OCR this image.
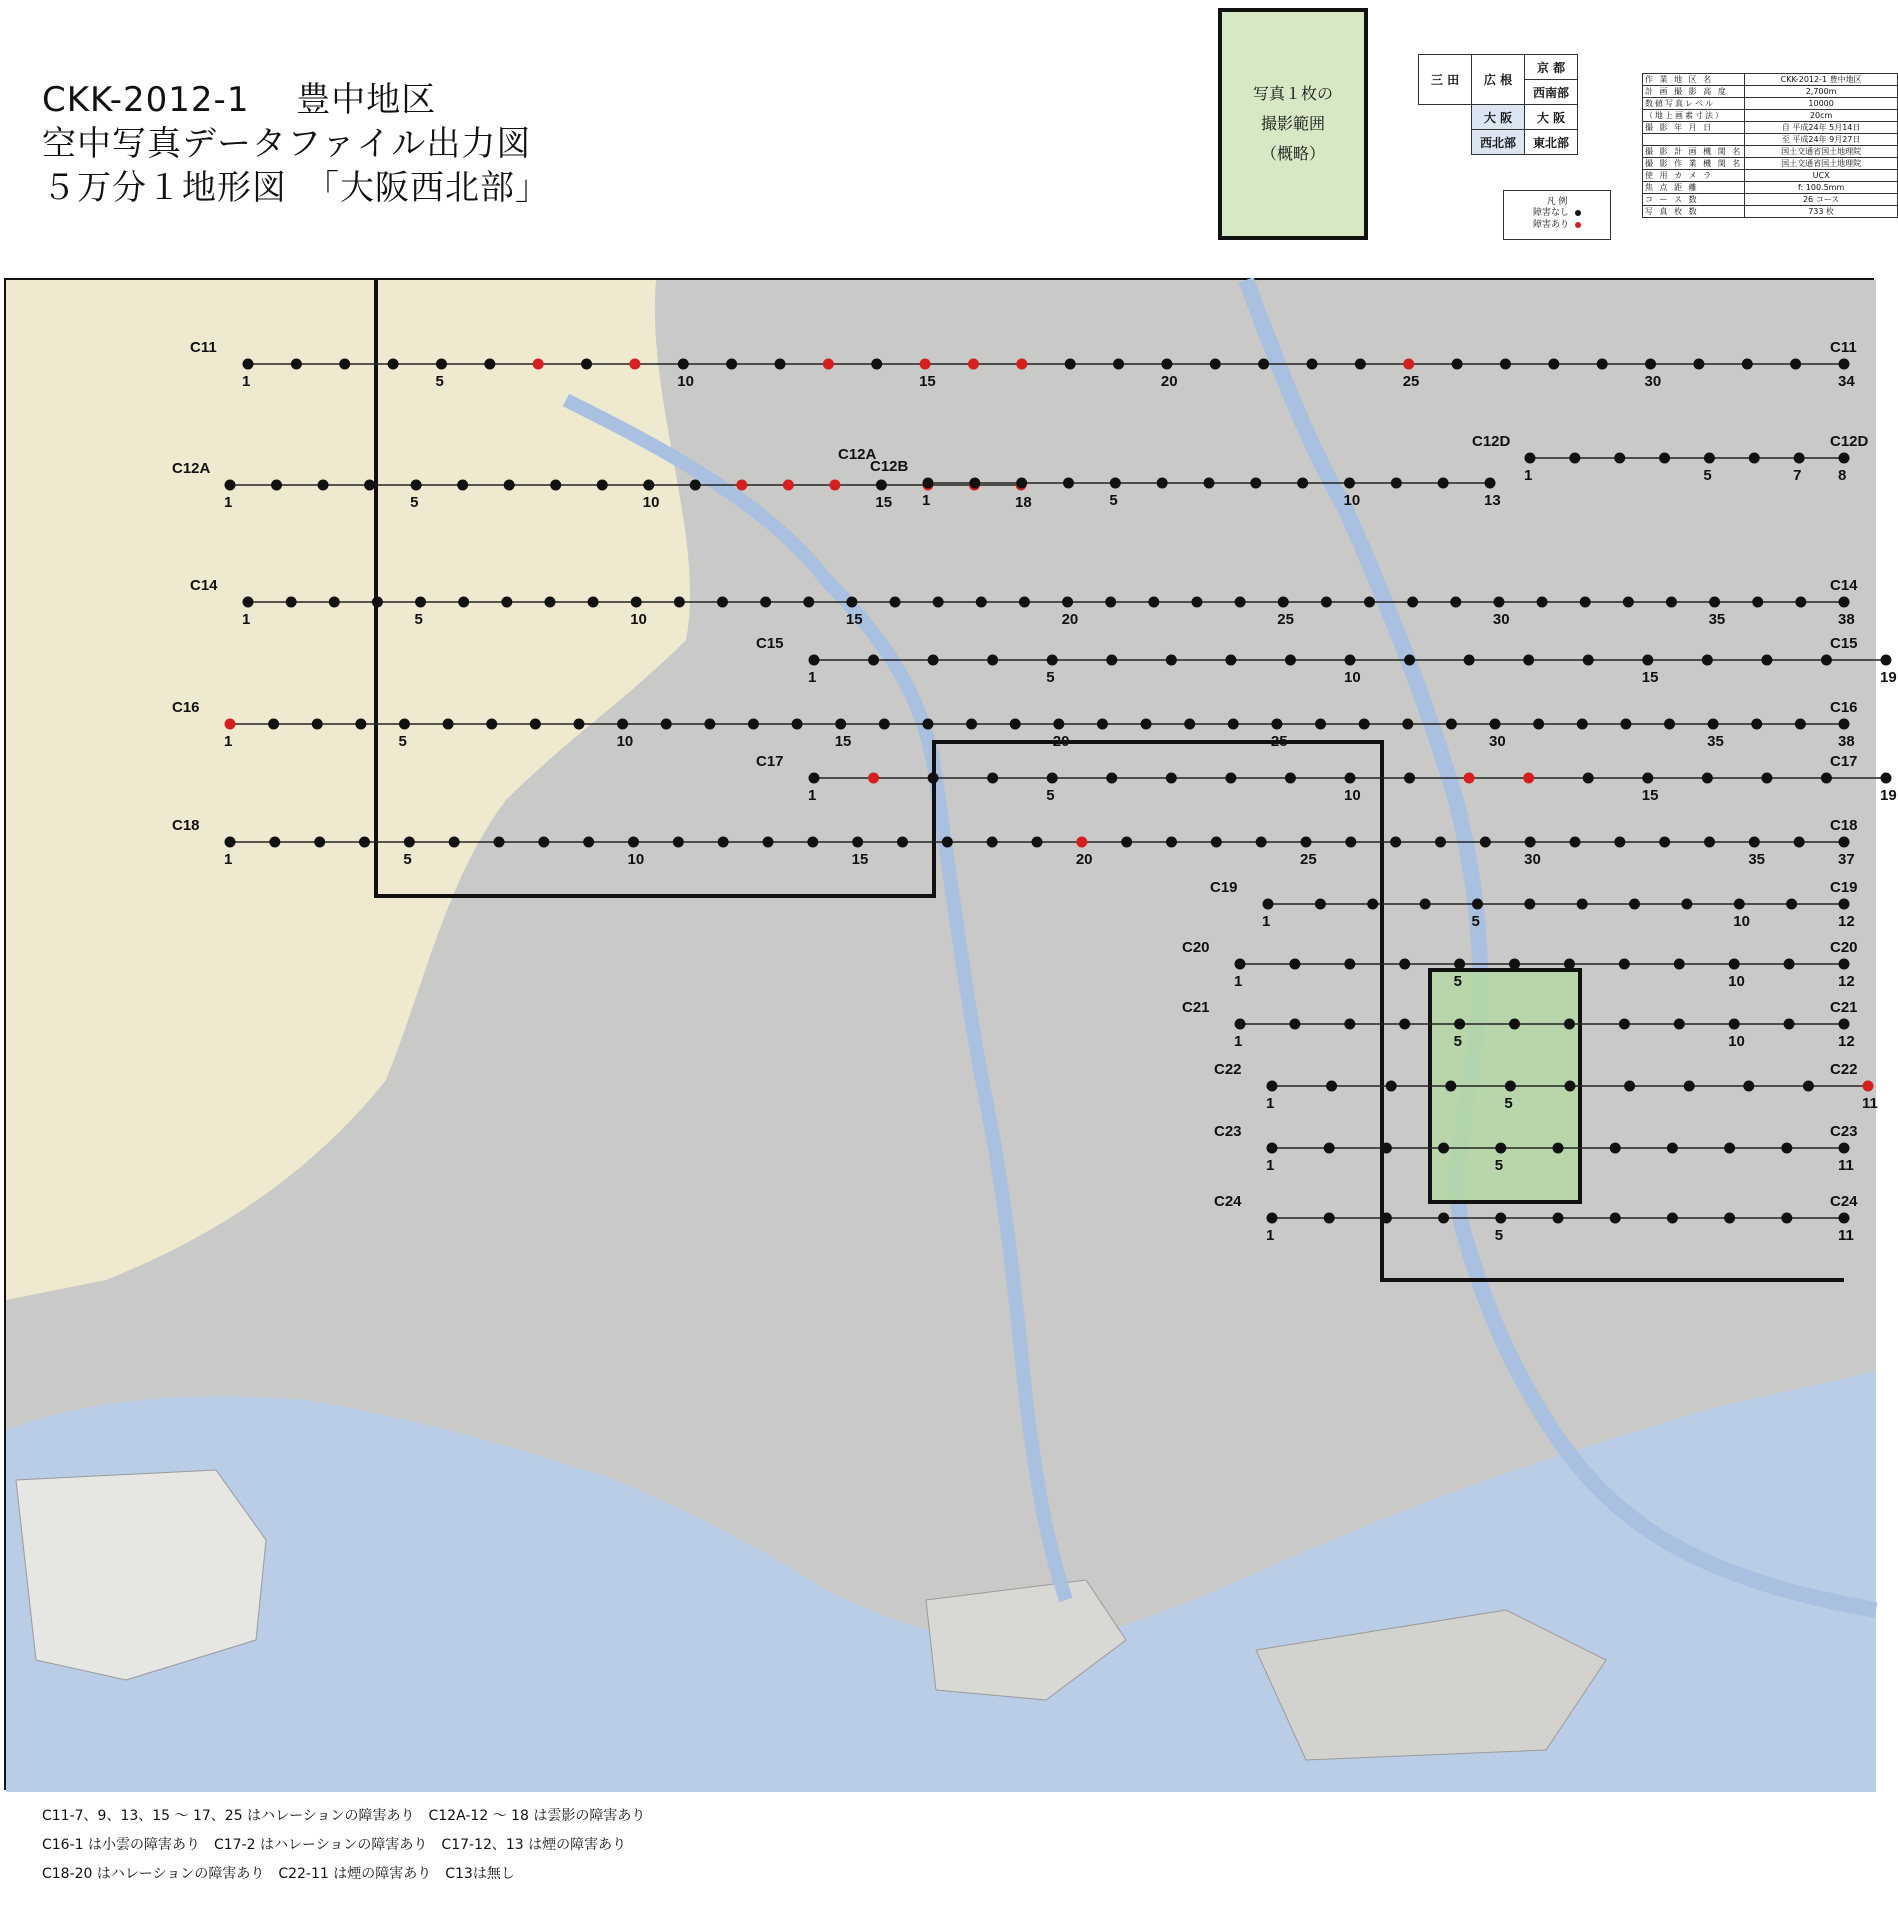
CKK-2012-1　 豊中地区
空中写真データファイル出力図
５万分１地形図　「大阪西北部」
写真１枚の
撮影範囲
（概略）
三 田	広 根	京 都
		西南部
	大 阪	大 阪
	西北部	東北部
凡 例
障害なし
障害あり
作 業 地 区 名	CKK-2012-1 豊中地区
計 画 撮 影 高 度	2,700m
数値写真レベル	10000
（地上画素寸法）	20cm
撮 影 年 月 日	自 平成24年 5月14日
	至 平成24年 9月27日
撮 影 計 画 機 関 名	国土交通省国土地理院
撮 影 作 業 機 関 名	国土交通省国土地理院
使 用 カ メ ラ	UCX
焦 点 距 離	f: 100.5mm
コ ー ス 数	26 コース
写 真 枚 数	733 枚
1	5	10	15	20	25	30	34
C11	C11
1	5	10	15	18
C12A
C12A
1	5	10	13
C12B
1	5	7 8
C12D	C12D
1	5	10	15	20	25	30	35	38
C14	C14
1	5	10	15	19
C15	C15
1	5	10	15	20	25	30	35	38
C16	C16
1	5	10	15	19
C17	C17
1	5	10	15	20	25	30	35	37
C18	C18
1	5	10	12
C19	C19
1	5	10	12
C20	C20
1	5	10	12
C21	C21
1	5	11
C22	C22
1	5	11
C23	C23
1	5	11
C24	C24
C11-7、9、13、15 ～ 17、25 はハレーションの障害あり　C12A-12 ～ 18 は雲影の障害あり
C16-1 は小雲の障害あり　C17-2 はハレーションの障害あり　C17-12、13 は煙の障害あり
C18-20 はハレーションの障害あり　C22-11 は煙の障害あり　C13は無し
